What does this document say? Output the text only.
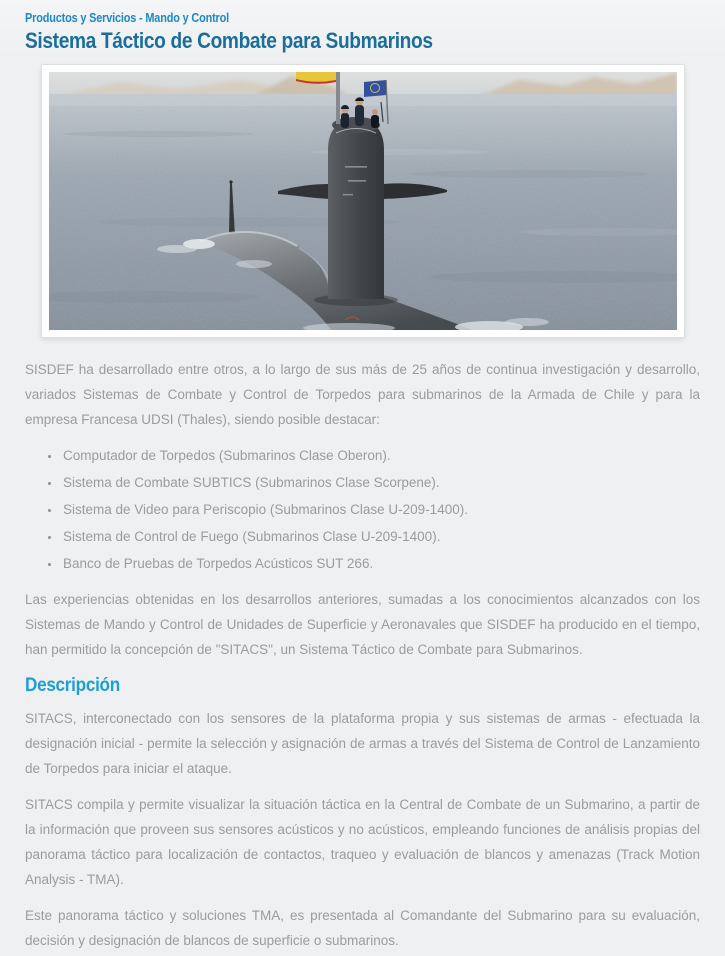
Productos y Servicios - Mando y Control
Sistema Táctico de Combate para Submarinos

SISDEF ha desarrollado entre otros, a lo largo de sus más de 25 años de continua investigación y desarrollo, variados Sistemas de Combate y Control de Torpedos para submarinos de la Armada de Chile y para la empresa Francesa UDSI (Thales), siendo posible destacar:

• Computador de Torpedos (Submarinos Clase Oberon).
• Sistema de Combate SUBTICS (Submarinos Clase Scorpene).
• Sistema de Video para Periscopio (Submarinos Clase U-209-1400).
• Sistema de Control de Fuego (Submarinos Clase U-209-1400).
• Banco de Pruebas de Torpedos Acústicos SUT 266.

Las experiencias obtenidas en los desarrollos anteriores, sumadas a los conocimientos alcanzados con los Sistemas de Mando y Control de Unidades de Superficie y Aeronavales que SISDEF ha producido en el tiempo, han permitido la concepción de "SITACS", un Sistema Táctico de Combate para Submarinos.

Descripción

SITACS, interconectado con los sensores de la plataforma propia y sus sistemas de armas - efectuada la designación inicial - permite la selección y asignación de armas a través del Sistema de Control de Lanzamiento de Torpedos para iniciar el ataque.

SITACS compila y permite visualizar la situación táctica en la Central de Combate de un Submarino, a partir de la información que proveen sus sensores acústicos y no acústicos, empleando funciones de análisis propias del panorama táctico para localización de contactos, traqueo y evaluación de blancos y amenazas (Track Motion Analysis - TMA).

Este panorama táctico y soluciones TMA, es presentada al Comandante del Submarino para su evaluación, decisión y designación de blancos de superficie o submarinos.
